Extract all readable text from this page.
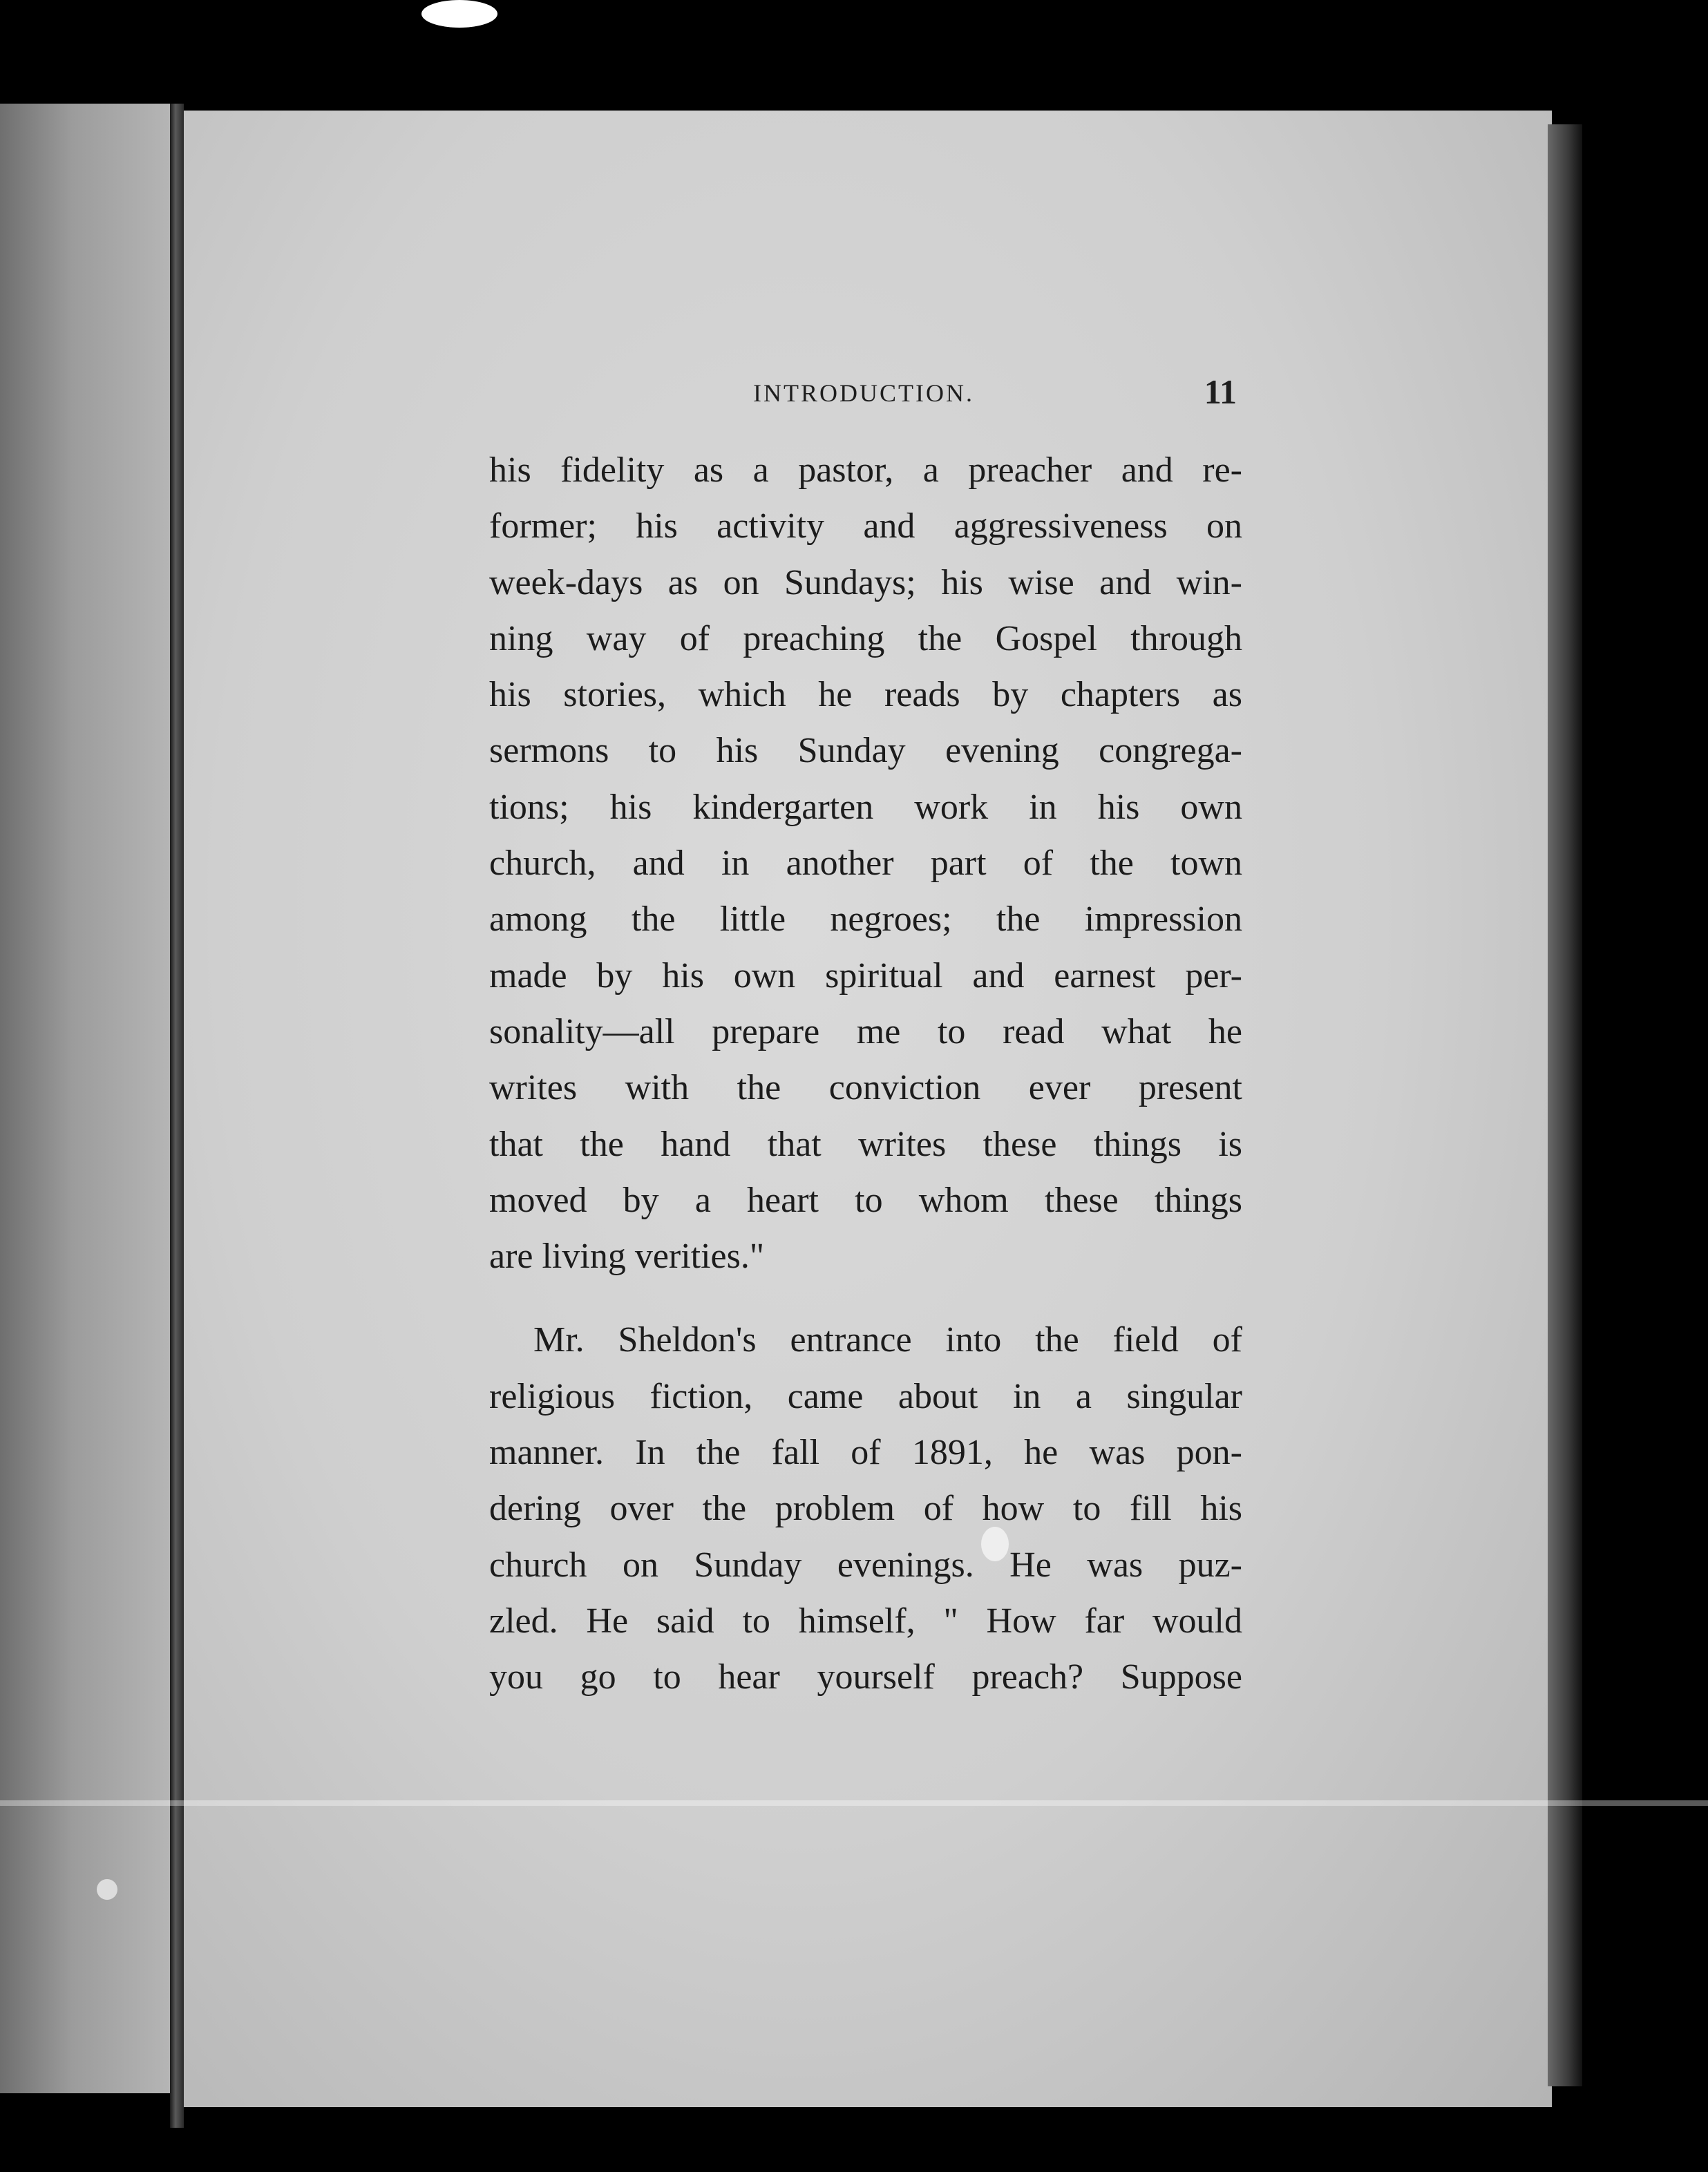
INTRODUCTION.	11

his fidelity as a pastor, a preacher and re-
former; his activity and aggressiveness on
week-days as on Sundays; his wise and win-
ning way of preaching the Gospel through
his stories, which he reads by chapters as
sermons to his Sunday evening congrega-
tions; his kindergarten work in his own
church, and in another part of the town
among the little negroes; the impression
made by his own spiritual and earnest per-
sonality—all prepare me to read what he
writes with the conviction ever present
that the hand that writes these things is
moved by a heart to whom these things
are living verities."

Mr. Sheldon's entrance into the field of
religious fiction, came about in a singular
manner. In the fall of 1891, he was pon-
dering over the problem of how to fill his
church on Sunday evenings. He was puz-
zled. He said to himself, " How far would
you go to hear yourself preach? Suppose
